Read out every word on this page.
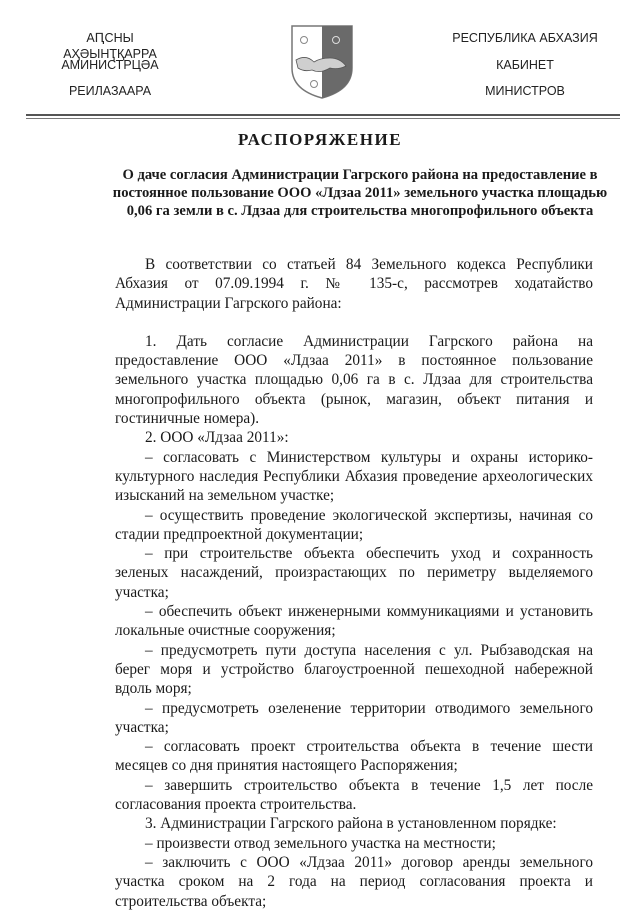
АԤСНЫ АҲӘЫНҬҚАРРА
АМИНИСТРЦӘА
РЕИЛАЗААРА
РЕСПУБЛИКА АБХАЗИЯ
КАБИНЕТ
МИНИСТРОВ
РАСПОРЯЖЕНИЕ
О даче согласия Администрации Гагрского района на предоставление в постоянное пользование ООО «Лдзаа 2011» земельного участка площадью 0,06 га земли в с. Лдзаа для строительства многопрофильного объекта

В соответствии со статьей 84 Земельного кодекса Республики Абхазия от 07.09.1994 г. № 135-с, рассмотрев ходатайство Администрации Гагрского района:

1. Дать согласие Администрации Гагрского района на предоставление ООО «Лдзаа 2011» в постоянное пользование земельного участка площадью 0,06 га в с. Лдзаа для строительства многопрофильного объекта (рынок, магазин, объект питания и гостиничные номера).

2. ООО «Лдзаа 2011»:

– согласовать с Министерством культуры и охраны историко-культурного наследия Республики Абхазия проведение археологических изысканий на земельном участке;

– осуществить проведение экологической экспертизы, начиная со стадии предпроектной документации;

– при строительстве объекта обеспечить уход и сохранность зеленых насаждений, произрастающих по периметру выделяемого участка;

– обеспечить объект инженерными коммуникациями и установить локальные очистные сооружения;

– предусмотреть пути доступа населения с ул. Рыбзаводская на берег моря и устройство благоустроенной пешеходной набережной вдоль моря;

– предусмотреть озеленение территории отводимого земельного участка;

– согласовать проект строительства объекта в течение шести месяцев со дня принятия настоящего Распоряжения;

– завершить строительство объекта в течение 1,5 лет после согласования проекта строительства.

3. Администрации Гагрского района в установленном порядке:

– произвести отвод земельного участка на местности;

– заключить с ООО «Лдзаа 2011» договор аренды земельного участка сроком на 2 года на период согласования проекта и строительства объекта;
